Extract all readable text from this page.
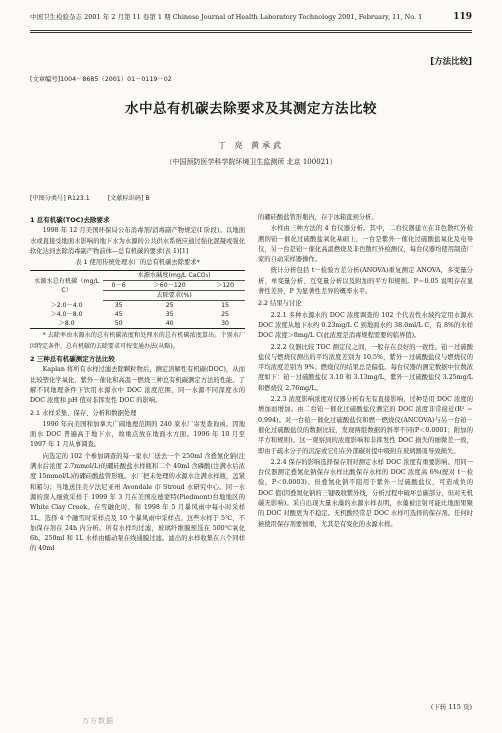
中国卫生检验杂志 2001 年 2 月第 11 卷第 1 期 Chinese Journal of Health Laboratory Technology 2001, February, 11, No. 1	119
[方法比较]
[文章编号]1004－8685（2001）01－0119－02
水中总有机碳去除要求及其测定方法比较
丁 亮 黄承武
（中国预防医学科学院环境卫生监测所 北京 100021）
[中图分类号] R123.1	[文献标识码] B
1 总有机碳(TOC)去除要求

1998 年 12 月美国环保局公布消毒剂/消毒副产物规定(I 阶段)。以地面水或直接受地面水影响的地下水为水源的公共供水系统应通过强化混凝或强化软化达到去除消毒副产物前体—总有机碳的要求(表 1)[1]

表 1 使用传统处理水厂的总有机碳去除要求*
水源水总有机碳（mg/L C）	水源水碱度(mg/L CaCO₃)		
	0－6	＞60－120	＞120
	去除要求(%)		
＞2.0－4.0	35	25	15
＞4.0－8.0	45	35	25
＞8.0	50	40	30

* 去除率由水源水的总有机碳浓度和处理水的总有机碳浓度算出。个别水厂因特定条件，总有机碳的去除要求可按变通办法(从略)。

2 三种总有机碳测定方法比较

Kaplan 将所有水样过滤去除颗粒物后，测定溶解性有机碳(DOC)，从而比较塑化学氧化、紫外－催化和高温－燃烧三种总有机碳测定方法的性能。了解不同地理条件下饮用水源水中 DOC 浓度范围，同一水源不同深度水的 DOC 浓度和 pH 值对非挥发性 DOC 的影响。

2.1 水样采集、保存、分析和数据处理

1996 年向美国和加拿大广阔地理范围的 240 家水厂寄发查询函。因地面水 DOC 普遍高于地下水，故重点放在地面水方面。1996 年 10 月至 1997 年 1 月从事调查。

向选定的 102 个参加调查的每一家水厂送去一个 250ml 含叠氮化钠(注满水后浓度 2.7mmol/L)的硼硅酸盐水样瓶和二个 40ml 含磷酸(注满水后浓度 15mmol/L)的硼硅酸盐管形瓶。水厂把未处理的水源水注满水样瓶，盖紧和箱匀；当地送往美夕法尼亚州 Avondale 市 Stroud 水研究中心。同一水源的深入细致采样于 1999 年 3 月在美国皮德蒙特(Piedmont)台地地区的 White Clay Creek。在雪融化时，和 1998 年 5 月暴风雨中每小时采样 1L。选择 4 个融雪时采样点及 10 个暴风雨中采样点。这些水样于 5℃，不加保存剂在 24h 内分析。所有水样均过滤，玻璃纤维膜预选在 500℃氧化 6h。250ml 和 1L 水样由蠕动泵在线通膜过滤。滤出的水样收集在六个同样的 40ml

的硼硅酸盐管形瓶内，存于冰箱直到分析。

水样由三种方法的 4 台仪器分析。其中，二台仪器建立在非色散红外检测的铂－催化过硫酸盐氧化基础上，一台是紫外－催化过硫酸盐氧化及电导仪，另一台是铂－催化高温燃烧及非色散红外检测仪，每台仪器均使用制造厂家的自动采样器操作。

统计分析包括 t－检验方差分析(ANOVA)重复测定 ANOVA，多变量分析、单变量分析、互变量分析以及附加的平方和规则。P＝0.05 说明存在显著性差异，P 为显著性差异的概率水平。

2.2 结果与讨论

2.2.1 多种水源水的 DOC 浓度调查的 102 个代表性水域约定用水源水 DOC 浓度从地下水约 0.23mg/L C 到地面水约 38.0ml/L C，有 8%的水样 DOC 浓度＞8mg/L C(此浓度是消毒规程需要的临界值)。

2.2.2 仪器比较 TOC 测定仪之间，一般存在良好的一致性。铂－过硫酸盐仪与燃烧仪测出的平均浓度差别为 10.5%，紫外－过硫酸盐仪与燃烧仪的平均浓度差别为 9%；燃烧仪的结果总是偏低。每台仪器的测定数据中位数浓度如下：铂－过硫酸盐仪 3.10 和 3.13mg/L，紫外－过硫酸盐仪 3.25mg/L 和燃烧仪 2.76mg/L。

2.2.3 浓度影响浓度对仪器分析有无有直接影响，过种是用 DOC 浓度的增加而增加。由二台铂－催化过硫酸盐仪测定的 DOC 浓度非常接近(R² ＝0.994)。对一台铂－催化过硫酸盐仪和燃－燃烧仪(ANCOVA)与另一台铂－催化过硫酸盐仪的数据比较，发现两组数据的斜率不同(P＜0.0001；附加的平方和规则)。这一观察到的浓度影响和非挥发性 DOC 损失的细微差一致，即由于疏水分子的沉淀或它们在外部碳对提中吸附在玻璃器皿导致损失。

2.2.4 保存的影响选择保存剂对测定水样 DOC 浓度有重要影响。用同一台仪器测定叠氮化钠保存水样比酸保存水样的 DOC 浓度高 6%(配对 t－检验，P＜0.0003)。但叠氮化钠不阻用于紫外－过硫酸盐仪，可造成负的 DOC 值(因叠氮化钠的三键吸收紫外线，分析过程中破坏总碳部分，但对无机碳无影响)。采自出现大量水藻的水源水样表明，水藻被注射可能比地面果聚的 DOC 对酸更为不稳定。无机酸经常是 DOC 水样可选择的保存剂。任何时候使用保存剂要慎重，尤其是有变化的水源水样。

(下转 115 页)
万方数据
